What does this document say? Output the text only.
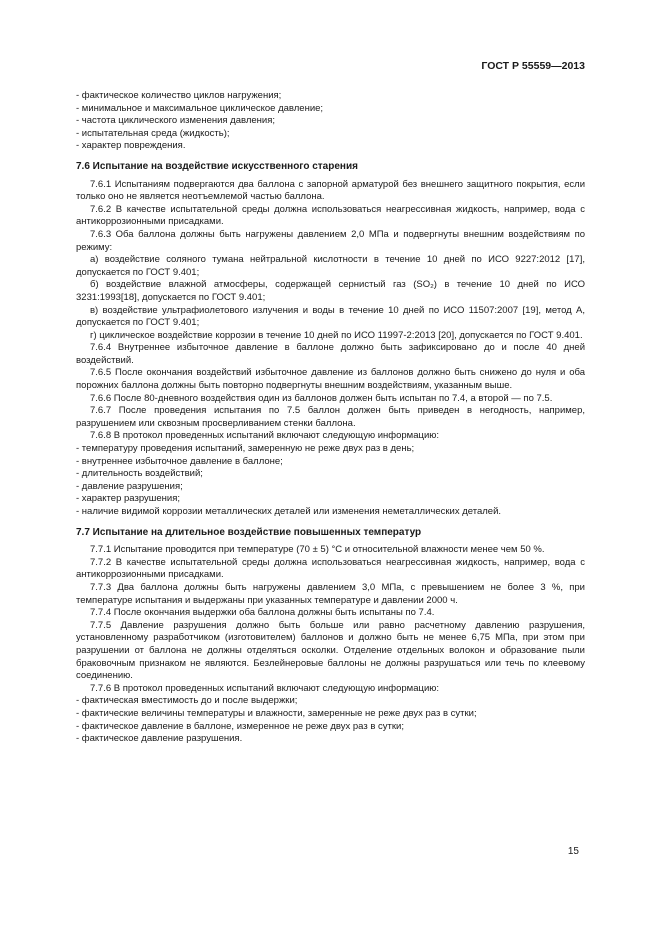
ГОСТ Р 55559—2013

- фактическое количество циклов нагружения;

- минимальное и максимальное циклическое давление;

- частота циклического изменения давления;

- испытательная среда (жидкость);

- характер повреждения.

7.6 Испытание на воздействие искусственного старения

7.6.1 Испытаниям подвергаются два баллона с запорной арматурой без внешнего защитного покрытия, если только оно не является неотъемлемой частью баллона.

7.6.2 В качестве испытательной среды должна использоваться неагрессивная жидкость, например, вода с антикоррозионными присадками.

7.6.3 Оба баллона должны быть нагружены давлением 2,0 МПа и подвергнуты внешним воздействиям по режиму:

а) воздействие соляного тумана нейтральной кислотности в течение 10 дней по ИСО 9227:2012 [17], допускается по ГОСТ 9.401;

б) воздействие влажной атмосферы, содержащей сернистый газ (SO₂) в течение 10 дней по ИСО 3231:1993[18], допускается по ГОСТ 9.401;

в) воздействие ультрафиолетового излучения и воды в течение 10 дней по ИСО 11507:2007 [19], метод А, допускается по ГОСТ 9.401;

г) циклическое воздействие коррозии в течение 10 дней по ИСО 11997-2:2013 [20], допускается по ГОСТ 9.401.

7.6.4 Внутреннее избыточное давление в баллоне должно быть зафиксировано до и после 40 дней воздействий.

7.6.5 После окончания воздействий избыточное давление из баллонов должно быть снижено до нуля и оба порожних баллона должны быть повторно подвергнуты внешним воздействиям, указанным выше.

7.6.6 После 80-дневного воздействия один из баллонов должен быть испытан по 7.4, а второй — по 7.5.

7.6.7 После проведения испытания по 7.5 баллон должен быть приведен в негодность, например, разрушением или сквозным просверливанием стенки баллона.

7.6.8 В протокол проведенных испытаний включают следующую информацию:

- температуру проведения испытаний, замеренную не реже двух раз в день;

- внутреннее избыточное давление в баллоне;

- длительность воздействий;

- давление разрушения;

- характер разрушения;

- наличие видимой коррозии металлических деталей или изменения неметаллических деталей.

7.7 Испытание на длительное воздействие повышенных температур

7.7.1 Испытание проводится при температуре (70 ± 5) °С и относительной влажности менее чем 50 %.

7.7.2 В качестве испытательной среды должна использоваться неагрессивная жидкость, например, вода с антикоррозионными присадками.

7.7.3 Два баллона должны быть нагружены давлением 3,0 МПа, с превышением не более 3 %, при температуре испытания и выдержаны при указанных температуре и давлении 2000 ч.

7.7.4 После окончания выдержки оба баллона должны быть испытаны по 7.4.

7.7.5 Давление разрушения должно быть больше или равно расчетному давлению разрушения, установленному разработчиком (изготовителем) баллонов и должно быть не менее 6,75 МПа, при этом при разрушении от баллона не должны отделяться осколки. Отделение отдельных волокон и образование пыли браковочным признаком не являются. Безлейнеровые баллоны не должны разрушаться или течь по клеевому соединению.

7.7.6 В протокол проведенных испытаний включают следующую информацию:

- фактическая вместимость до и после выдержки;

- фактические величины температуры и влажности, замеренные не реже двух раз в сутки;

- фактическое давление в баллоне, измеренное не реже двух раз в сутки;

- фактическое давление разрушения.

15
